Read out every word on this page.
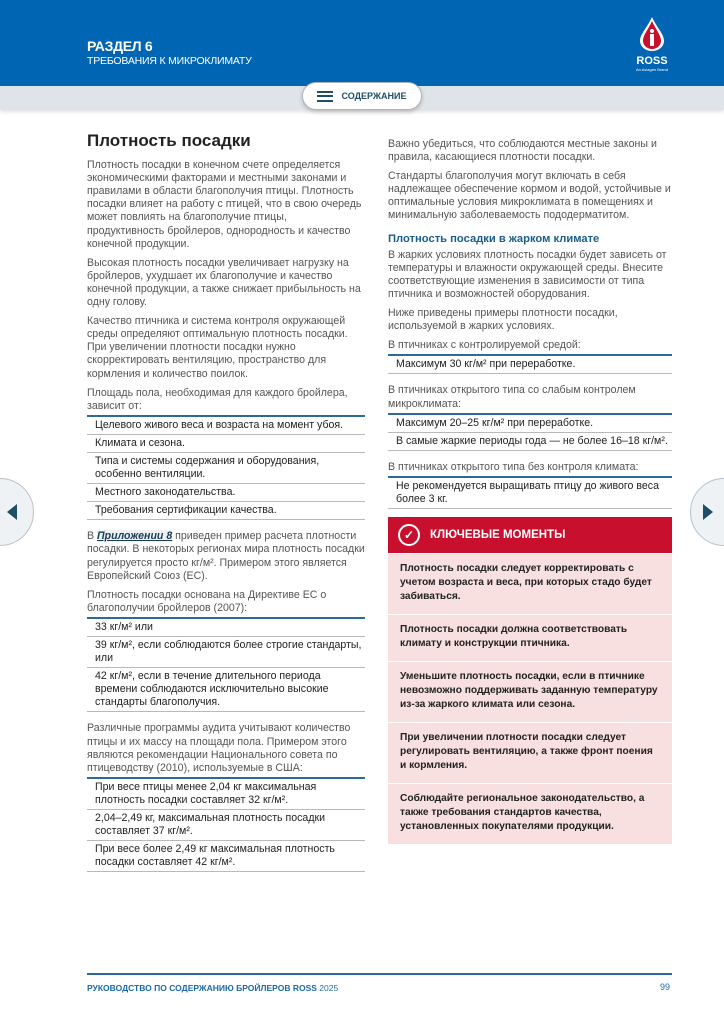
РАЗДЕЛ 6
ТРЕБОВАНИЯ К МИКРОКЛИМАТУ	ROSS
An Aviagen Brand
СОДЕРЖАНИЕ
Плотность посадки

Плотность посадки в конечном счете определяется экономическими факторами и местными законами и правилами в области благополучия птицы. Плотность посадки влияет на работу с птицей, что в свою очередь может повлиять на благополучие птицы, продуктивность бройлеров, однородность и качество конечной продукции.

Высокая плотность посадки увеличивает нагрузку на бройлеров, ухудшает их благополучие и качество конечной продукции, а также снижает прибыльность на одну голову.

Качество птичника и система контроля окружающей среды определяют оптимальную плотность посадки. При увеличении плотности посадки нужно скорректировать вентиляцию, пространство для кормления и количество поилок.

Площадь пола, необходимая для каждого бройлера, зависит от:

Целевого живого веса и возраста на момент убоя.
Климата и сезона.
Типа и системы содержания и оборудования, особенно вентиляции.
Местного законодательства.
Требования сертификации качества.

В Приложении 8 приведен пример расчета плотности посадки. В некоторых регионах мира плотность посадки регулируется просто кг/м². Примером этого является Европейский Союз (ЕС).

Плотность посадки основана на Директиве ЕС о благополучии бройлеров (2007):

33 кг/м² или
39 кг/м², если соблюдаются более строгие стандарты, или
42 кг/м², если в течение длительного периода времени соблюдаются исключительно высокие стандарты благополучия.

Различные программы аудита учитывают количество птицы и их массу на площади пола. Примером этого являются рекомендации Национального совета по птицеводству (2010), используемые в США:

При весе птицы менее 2,04 кг максимальная плотность посадки составляет 32 кг/м².
2,04–2,49 кг, максимальная плотность посадки составляет 37 кг/м².
При весе более 2,49 кг максимальная плотность посадки составляет 42 кг/м².

Важно убедиться, что соблюдаются местные законы и правила, касающиеся плотности посадки.

Стандарты благополучия могут включать в себя надлежащее обеспечение кормом и водой, устойчивые и оптимальные условия микроклимата в помещениях и минимальную заболеваемость пододерматитом.

Плотность посадки в жарком климате

В жарких условиях плотность посадки будет зависеть от температуры и влажности окружающей среды. Внесите соответствующие изменения в зависимости от типа птичника и возможностей оборудования.

Ниже приведены примеры плотности посадки, используемой в жарких условиях.

В птичниках с контролируемой средой:

Максимум 30 кг/м² при переработке.

В птичниках открытого типа со слабым контролем микроклимата:

Максимум 20–25 кг/м² при переработке.
В самые жаркие периоды года — не более 16–18 кг/м².

В птичниках открытого типа без контроля климата:

Не рекомендуется выращивать птицу до живого веса более 3 кг.
✓	КЛЮЧЕВЫЕ МОМЕНТЫ
Плотность посадки следует корректировать с учетом возраста и веса, при которых стадо будет забиваться.
Плотность посадки должна соответствовать климату и конструкции птичника.
Уменьшите плотность посадки, если в птичнике невозможно поддерживать заданную температуру из-за жаркого климата или сезона.
При увеличении плотности посадки следует регулировать вентиляцию, а также фронт поения и кормления.
Соблюдайте региональное законодательство, а также требования стандартов качества, установленных покупателями продукции.
РУКОВОДСТВО ПО СОДЕРЖАНИЮ БРОЙЛЕРОВ ROSS 2025	99
